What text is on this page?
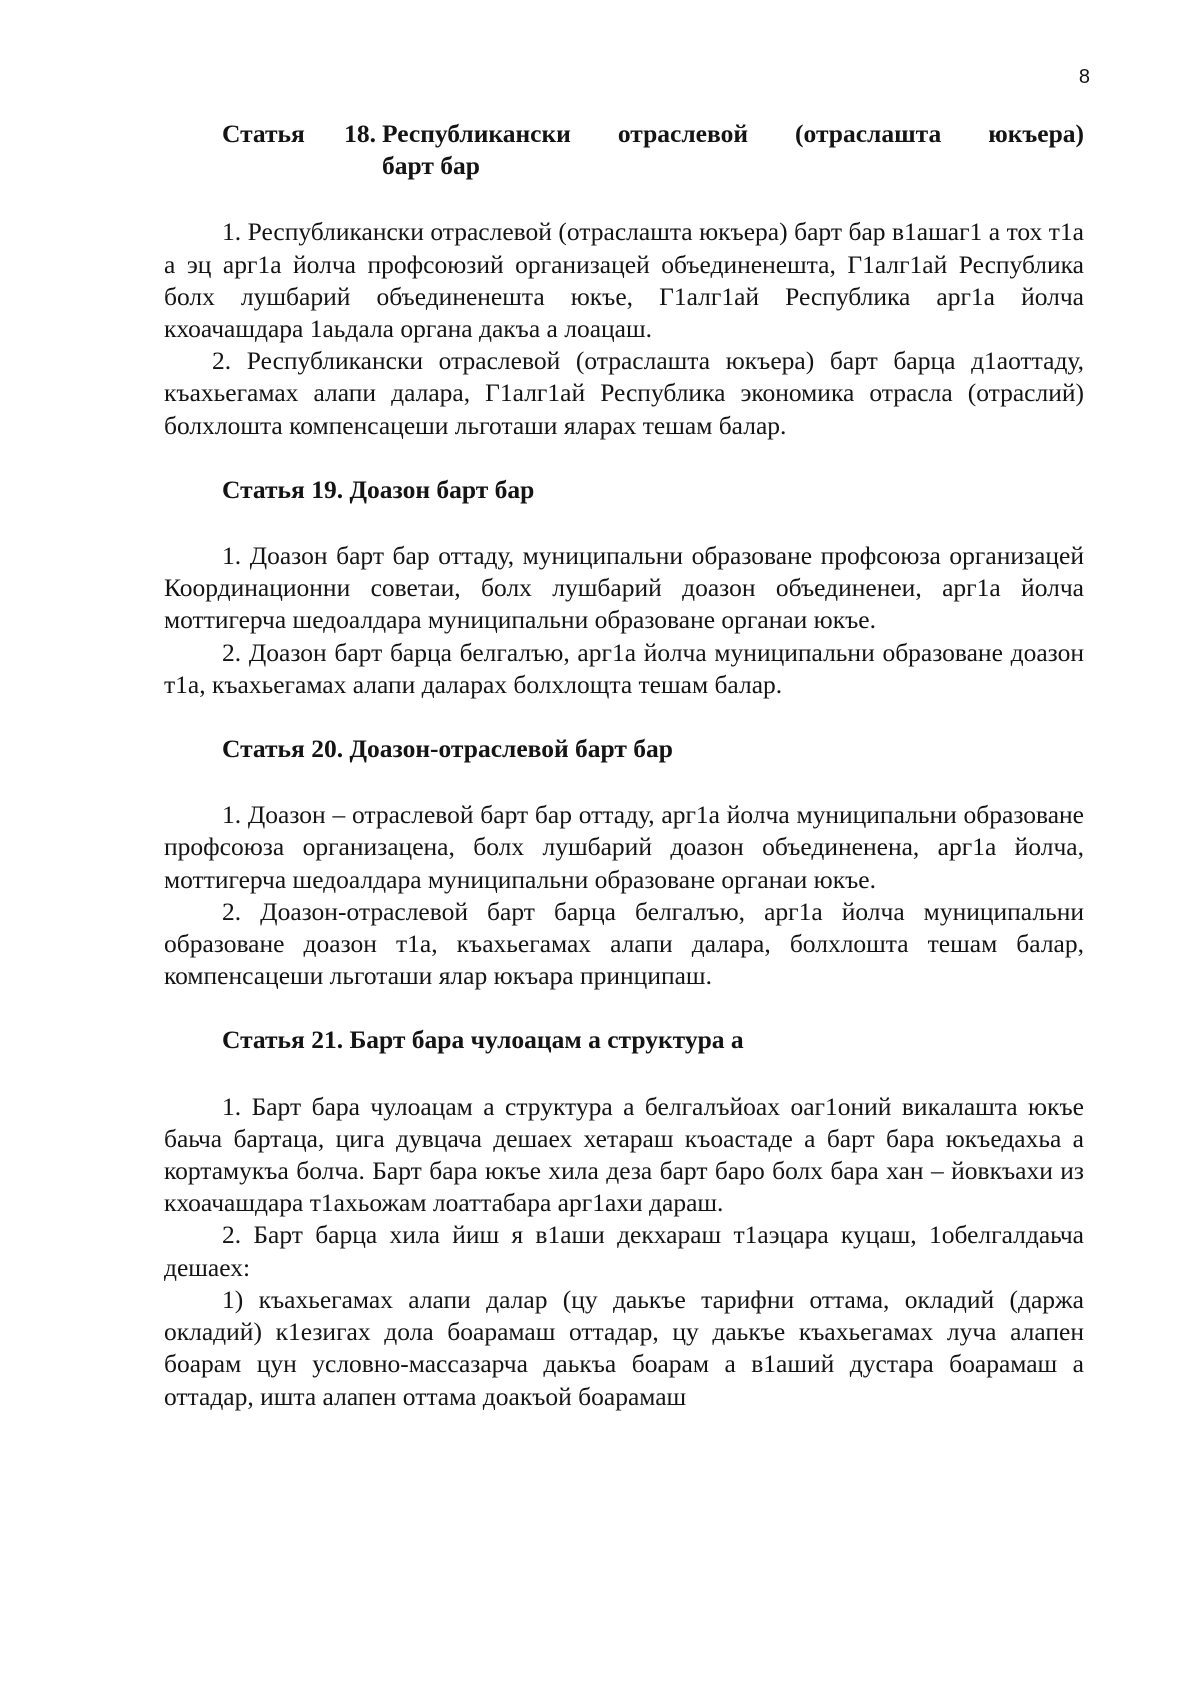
8
Статья 18. Республикански отраслевой (отраслашта юкъера)
барт бар

1. Республикански отраслевой (отраслашта юкъера) барт бар в1ашаг1 а тох т1а а эц арг1а йолча профсоюзий организацей объединенешта, Г1алг1ай Республика болх лушбарий объединенешта юкъе, Г1алг1ай Республика арг1а йолча кхоачашдара 1аьдала органа дакъа а лоацаш.

2. Республикански отраслевой (отраслашта юкъера) барт барца д1аоттаду, къахьегамах алапи далара, Г1алг1ай Республика экономика отрасла (отраслий) болхлошта компенсацеши льготаши яларах тешам балар.

Статья 19. Доазон барт бар

1. Доазон барт бар оттаду, муниципальни образоване профсоюза организацей Координационни советаи, болх лушбарий доазон объединенеи, арг1а йолча моттигерча шедоалдара муниципальни образоване органаи юкъе.

2. Доазон барт барца белгалъю, арг1а йолча муниципальни образоване доазон т1а, къахьегамах алапи даларах болхлощта тешам балар.

Статья 20. Доазон-отраслевой барт бар

1. Доазон – отраслевой барт бар оттаду, арг1а йолча муниципальни образоване профсоюза организацена, болх лушбарий доазон объединенена, арг1а йолча, моттигерча шедоалдара муниципальни образоване органаи юкъе.

2. Доазон-отраслевой барт барца белгалъю, арг1а йолча муниципальни образоване доазон т1а, къахьегамах алапи далара, болхлошта тешам балар, компенсацеши льготаши ялар юкъара принципаш.

Статья 21. Барт бара чулоацам а структура а

1. Барт бара чулоацам а структура а белгалъйоах оаг1оний викалашта юкъе баьча бартаца, цига дувцача дешаех хетараш къоастаде а барт бара юкъедахьа а кортамукъа болча. Барт бара юкъе хила деза барт баро болх бара хан – йовкъахи из кхоачашдара т1ахьожам лоаттабара арг1ахи дараш.

2. Барт барца хила йиш я в1аши декхараш т1аэцара куцаш, 1обелгалдаьча дешаех:

1) къахьегамах алапи далар (цу даькъе тарифни оттама, окладий (даржа окладий) к1езигах дола боарамаш оттадар, цу даькъе къахьегамах луча алапен боарам цун условно-массазарча даькъа боарам а в1аший дустара боарамаш а оттадар, ишта алапен оттама доакъой боарамаш
